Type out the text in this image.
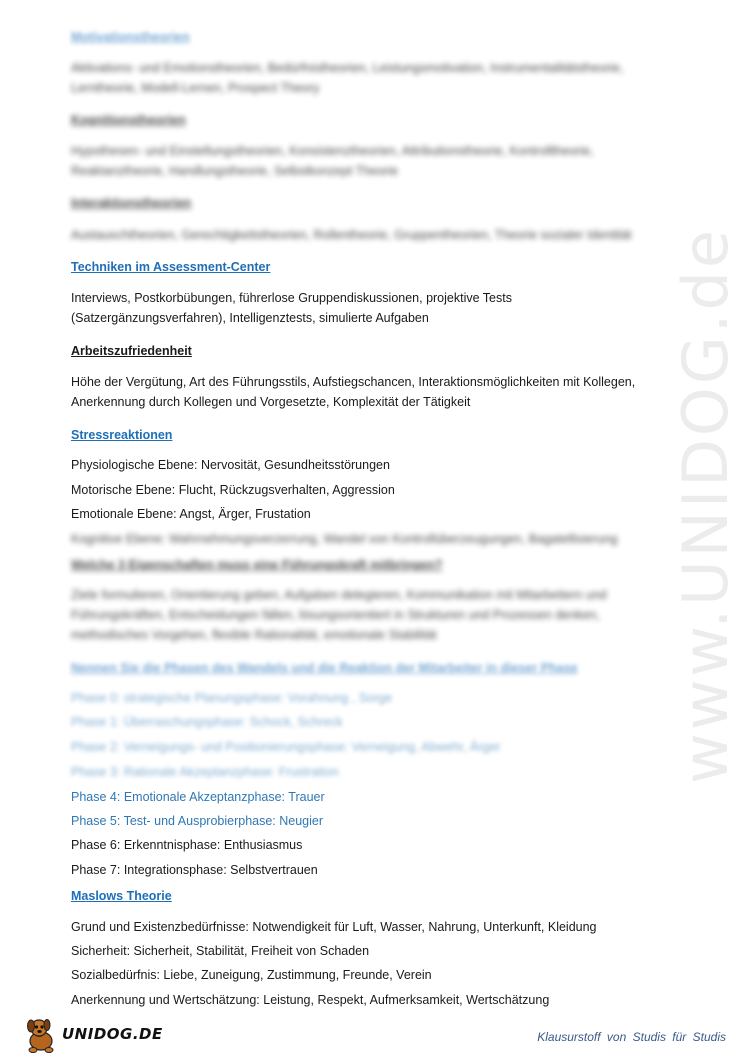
Motivationstheorien
Aktivations- und Emotionstheorien, Bedürfnistheorien, Leistungsmotivation, Instrumentalitätstheorie,
Lerntheorie, Modell-Lernen, Prospect Theory
Kognitionstheorien
Hypothesen- und Einstellungstheorien, Konsistenztheorien, Attributionstheorie, Kontrolltheorie,
Reaktanztheorie, Handlungstheorie, Selbstkonzept Theorie
Interaktionstheorien
Austauschtheorien, Gerechtigkeitstheorien, Rollentheorie, Gruppentheorien, Theorie sozialer Identität
Techniken im Assessment-Center
Interviews, Postkorbübungen, führerlose Gruppendiskussionen, projektive Tests
(Satzergänzungsverfahren), Intelligenztests, simulierte Aufgaben
Arbeitszufriedenheit
Höhe der Vergütung, Art des Führungsstils, Aufstiegschancen, Interaktionsmöglichkeiten mit Kollegen,
Anerkennung durch Kollegen und Vorgesetzte, Komplexität der Tätigkeit
Stressreaktionen
Physiologische Ebene: Nervosität, Gesundheitsstörungen
Motorische Ebene: Flucht, Rückzugsverhalten, Aggression
Emotionale Ebene: Angst, Ärger, Frustation
Kognitive Ebene: Wahrnehmungsverzerrung, Wandel von Kontrollüberzeugungen, Bagatellisierung
Welche 3 Eigenschaften muss eine Führungskraft mitbringen?
Ziele formulieren, Orientierung geben, Aufgaben delegieren, Kommunikation mit Mitarbeitern und
Führungskräften, Entscheidungen fällen, lösungsorientiert in Strukturen und Prozessen denken,
methodisches Vorgehen, flexible Rationalität, emotionale Stabilität
Nennen Sie die Phasen des Wandels und die Reaktion der Mitarbeiter in dieser Phase
Phase 0: strategische Planungsphase: Vorahnung , Sorge
Phase 1: Überraschungsphase: Schock, Schreck
Phase 2: Verneigungs- und Positionierungsphase: Verneigung, Abwehr, Ärger
Phase 3: Rationale Akzeptanzphase: Frustration
Phase 4: Emotionale Akzeptanzphase: Trauer
Phase 5: Test- und Ausprobierphase: Neugier
Phase 6: Erkenntnisphase: Enthusiasmus
Phase 7: Integrationsphase: Selbstvertrauen
Maslows Theorie
Grund und Existenzbedürfnisse: Notwendigkeit für Luft, Wasser, Nahrung, Unterkunft, Kleidung
Sicherheit: Sicherheit, Stabilität, Freiheit von Schaden
Sozialbedürfnis: Liebe, Zuneigung, Zustimmung, Freunde, Verein
Anerkennung und Wertschätzung: Leistung, Respekt, Aufmerksamkeit, Wertschätzung
www.UNIDOG.de
UNIDOG.DE	Klausurstoff von Studis für Studis
